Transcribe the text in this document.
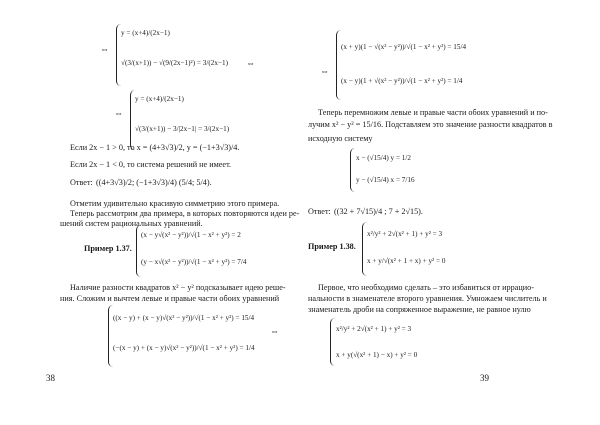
⇔
y = (x+4)/(2x−1)
√(3/(x+1)) − √(9/(2x−1)²) = 3/(2x−1) ⇔
⇔
y = (x+4)/(2x−1)
√(3/(x+1)) − 3/|2x−1| = 3/(2x−1)
Если 2x − 1 > 0, то x = (4+3√3)/2, y = (−1+3√3)/4.
Если 2x − 1 < 0, то система решений не имеет.
Ответ: ((4+3√3)/2; (−1+3√3)/4) (5/4; 5/4).
Отметим удивительно красивую симметрию этого примера.
Теперь рассмотрим два примера, в которых повторяются идеи ре-
шений систем рациональных уравнений.
Пример 1.37.
(x − y√(x² − y²))/√(1 − x² + y²) = 2
(y − x√(x² − y²))/√(1 − x² + y²) = 7/4
Наличие разности квадратов x² − y² подсказывает идею реше-
ния. Сложим и вычтем левые и правые части обоих уравнений
((x − y) + (x − y)√(x² − y²))/√(1 − x² + y²) = 15/4
(−(x − y) + (x − y)√(x² − y²))/√(1 − x² + y²) = 1/4
⇔
38
⇔
(x + y)(1 − √(x² − y²))/√(1 − x² + y²) = 15/4
(x − y)(1 + √(x² − y²))/√(1 − x² + y²) = 1/4
Теперь перемножим левые и правые части обоих уравнений и по-
лучим x² − y² = 15/16. Подставляем это значение разности квадратов в
исходную систему
x − (√15/4) y = 1/2
y − (√15/4) x = 7/16
Ответ: ((32 + 7√15)/4 ; 7 + 2√15).
Пример 1.38.
x²/y² + 2√(x² + 1) + y² = 3
x + y/√(x² + 1 + x) + y² = 0
Первое, что необходимо сделать – это избавиться от иррацио-
нальности в знаменателе второго уравнения. Умножаем числитель и
знаменатель дроби на сопряженное выражение, не равное нулю
x²/y² + 2√(x² + 1) + y² = 3
x + y(√(x² + 1) − x) + y² = 0
39
